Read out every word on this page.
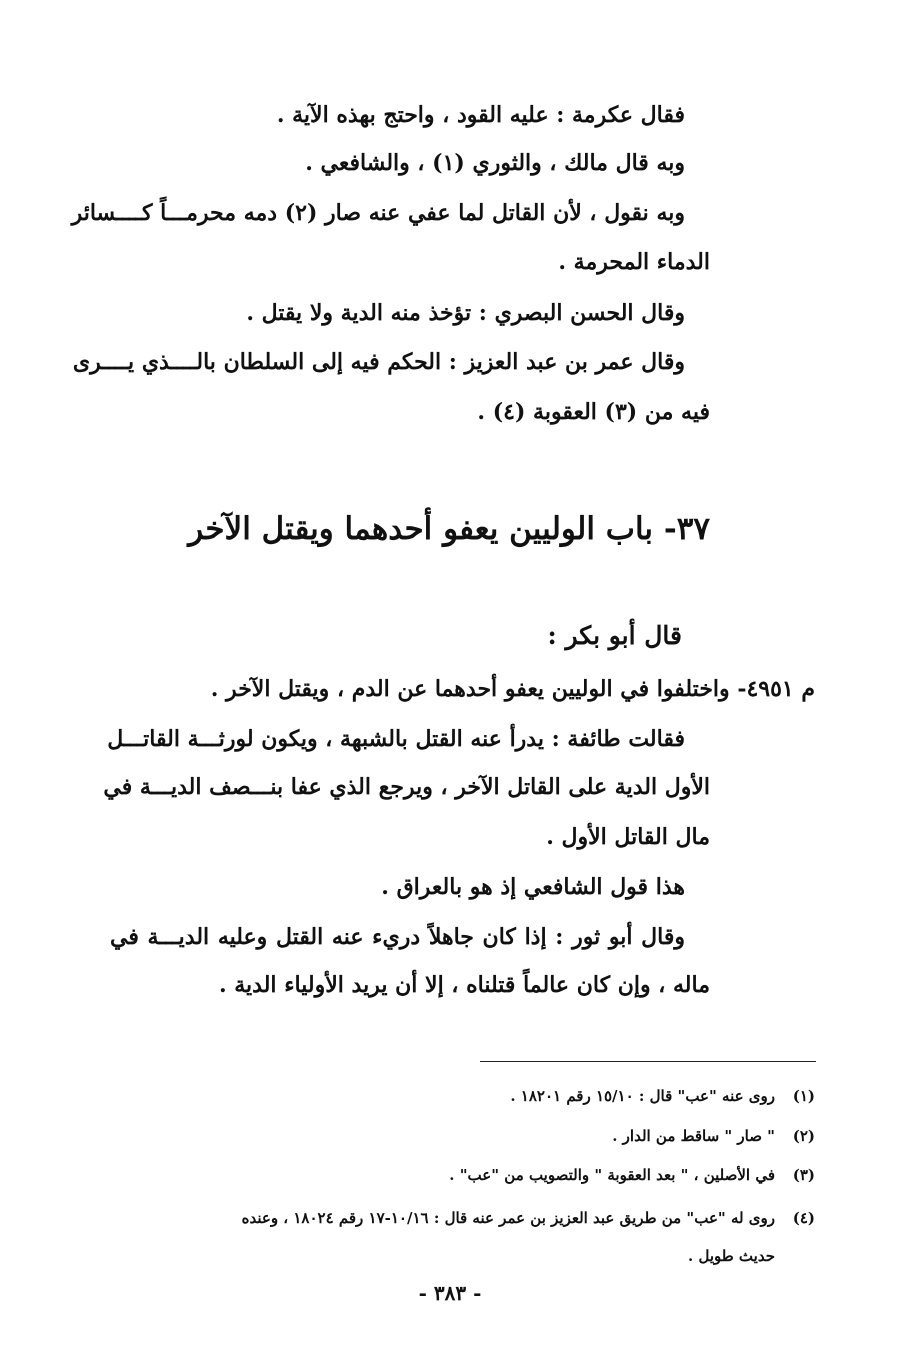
فقال عكرمة : عليه القود ، واحتج بهذه الآية .
وبه قال مالك ، والثوري (١) ، والشافعي .
وبه نقول ، لأن القاتل لما عفي عنه صار (٢) دمه محرمـــاً كــــسائر
الدماء المحرمة .
وقال الحسن البصري : تؤخذ منه الدية ولا يقتل .
وقال عمر بن عبد العزيز : الحكم فيه إلى السلطان بالــــذي يــــرى
فيه من (٣) العقوبة (٤) .
٣٧- باب الوليين يعفو أحدهما ويقتل الآخر
قال أبو بكر :
م ٤٩٥١- واختلفوا في الوليين يعفو أحدهما عن الدم ، ويقتل الآخر .
فقالت طائفة : يدرأ عنه القتل بالشبهة ، ويكون لورثـــة القاتـــل
الأول الدية على القاتل الآخر ، ويرجع الذي عفا بنـــصف الديـــة في
مال القاتل الأول .
هذا قول الشافعي إذ هو بالعراق .
وقال أبو ثور : إذا كان جاهلاً دريء عنه القتل وعليه الديـــة في
ماله ، وإن كان عالماً قتلناه ، إلا أن يريد الأولياء الدية .
(١)روى عنه "عب" قال : ١٥/١٠ رقم ١٨٢٠١ .
(٢)" صار " ساقط من الدار .
(٣)في الأصلين ، " بعد العقوبة " والتصويب من "عب" .
(٤)روى له "عب" من طريق عبد العزيز بن عمر عنه قال : ١٠/١٦-١٧ رقم ١٨٠٢٤ ، وعنده
حديث طويل .
- ٣٨٣ -
